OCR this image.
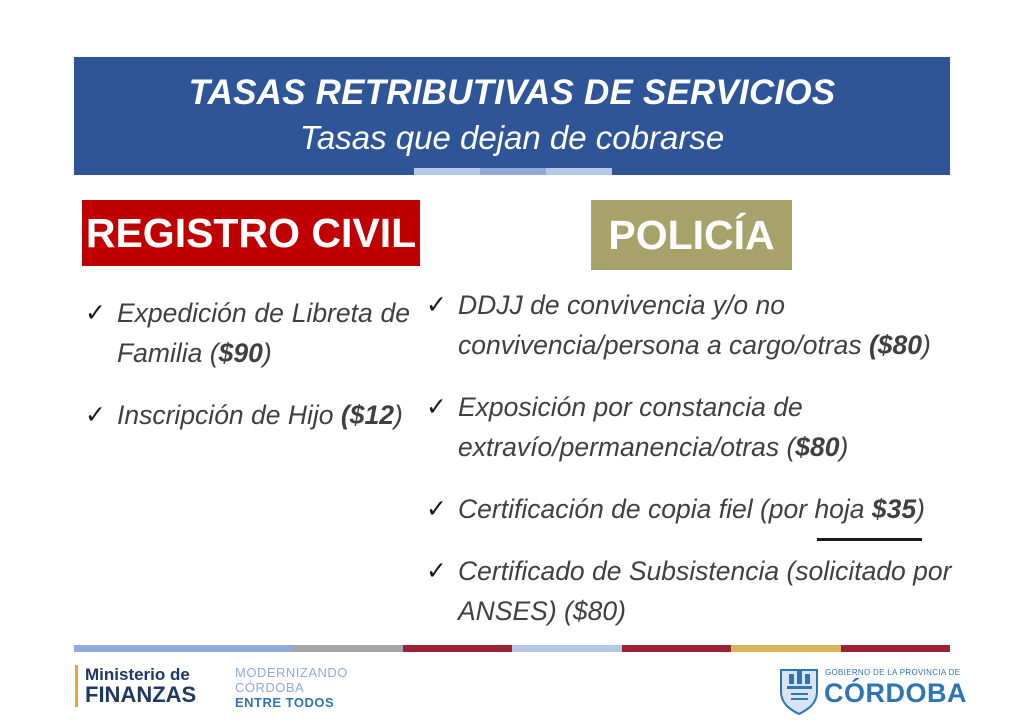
TASAS RETRIBUTIVAS DE SERVICIOS
Tasas que dejan de cobrarse
REGISTRO CIVIL	POLICÍA
✓ Expedición de Libreta de Familia ($90)
✓ Inscripción de Hijo ($12)
✓ DDJJ de convivencia y/o no convivencia/persona a cargo/otras ($80)
✓ Exposición por constancia de extravío/permanencia/otras ($80)
✓ Certificación de copia fiel (por hoja $35)
✓ Certificado de Subsistencia (solicitado por ANSES) ($80)
Ministerio de
FINANZAS
MODERNIZANDO
CÓRDOBA
ENTRE TODOS
GOBIERNO DE LA PROVINCIA DE
CÓRDOBA
